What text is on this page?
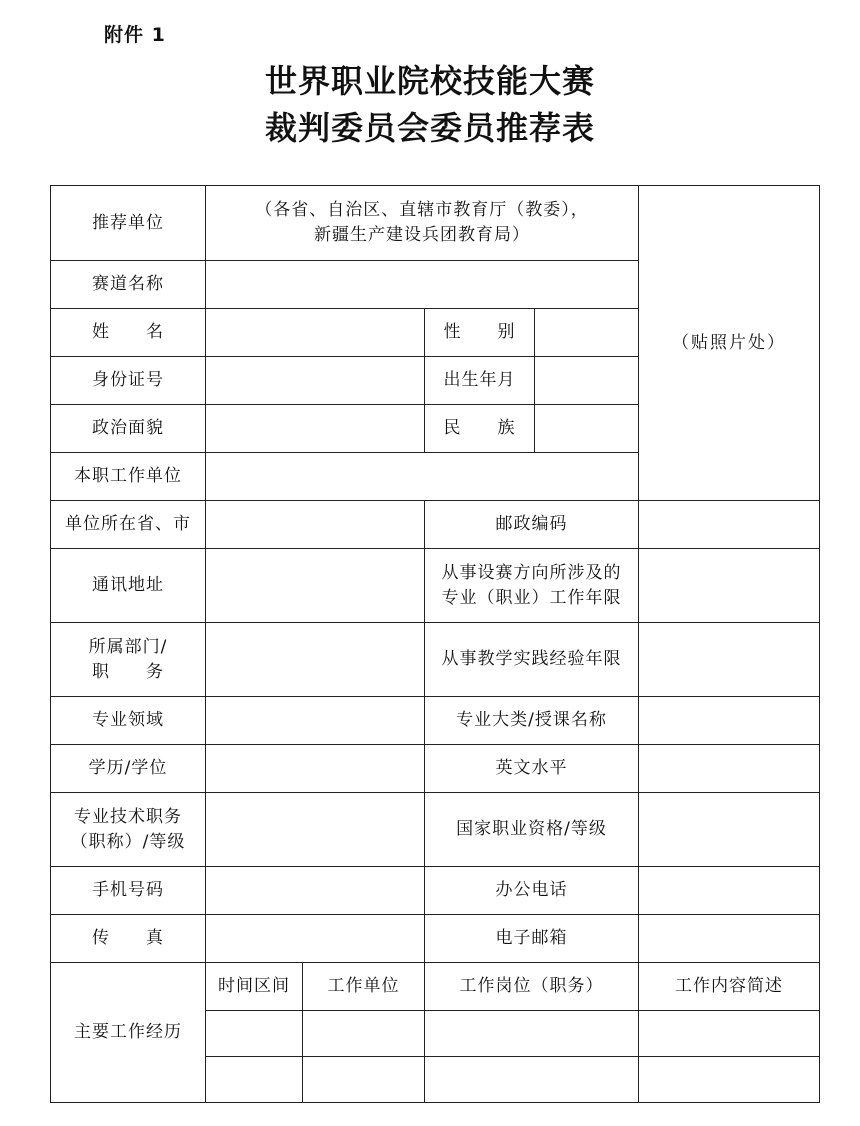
附件 1
世界职业院校技能大赛
裁判委员会委员推荐表
推荐单位	（各省、自治区、直辖市教育厅（教委），
新疆生产建设兵团教育局）				（贴照片处）
赛道名称					
姓　　名			性　　别		
身份证号			出生年月		
政治面貌			民　　族		
本职工作单位					
单位所在省、市			邮政编码		
通讯地址			从事设赛方向所涉及的
专业（职业）工作年限		

所属部门/
职　　务			从事教学实践经验年限		
专业领域			专业大类/授课名称		
学历/学位			英文水平		

专业技术职务
（职称）/等级			国家职业资格/等级		
手机号码			办公电话		
传　　真			电子邮箱		
主要工作经历	时间区间	工作单位	工作岗位（职务）		工作内容简述
